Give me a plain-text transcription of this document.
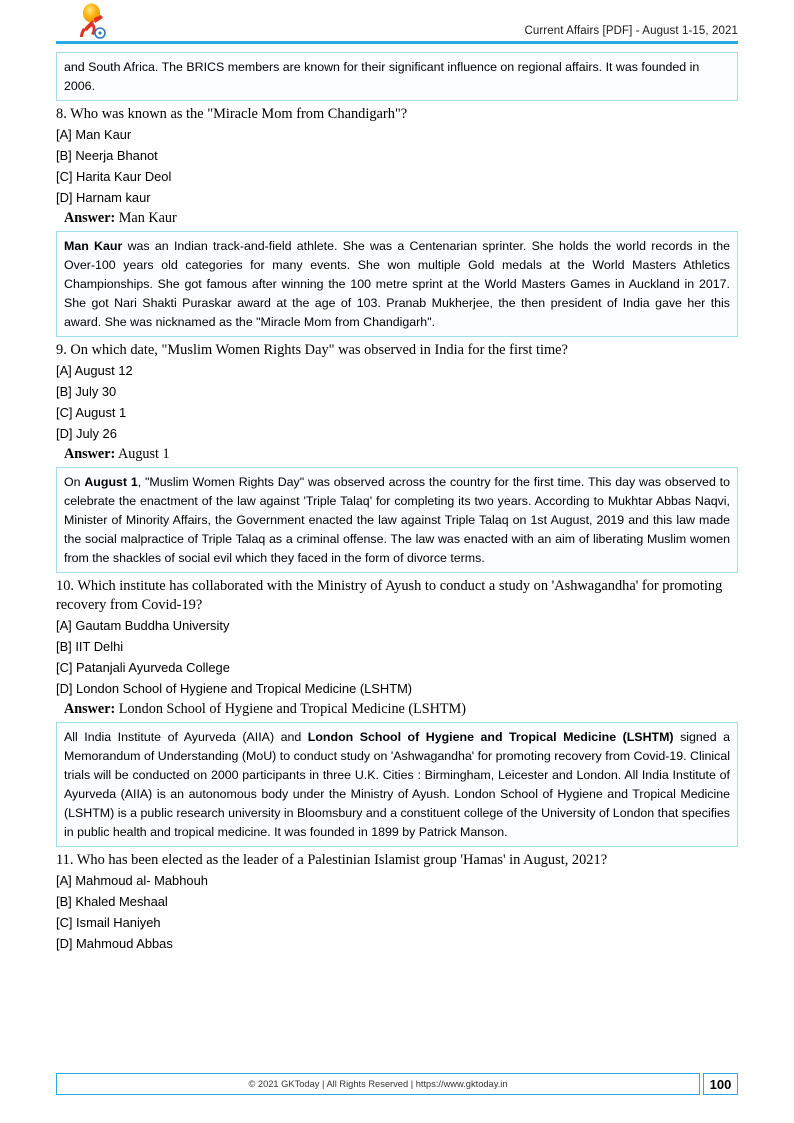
Current Affairs [PDF] - August 1-15, 2021
and South Africa. The BRICS members are known for their significant influence on regional affairs. It was founded in 2006.
8. Who was known as the "Miracle Mom from Chandigarh"?
[A] Man Kaur
[B] Neerja Bhanot
[C] Harita Kaur Deol
[D] Harnam kaur
Answer: Man Kaur
Man Kaur was an Indian track-and-field athlete. She was a Centenarian sprinter. She holds the world records in the Over-100 years old categories for many events. She won multiple Gold medals at the World Masters Athletics Championships. She got famous after winning the 100 metre sprint at the World Masters Games in Auckland in 2017. She got Nari Shakti Puraskar award at the age of 103. Pranab Mukherjee, the then president of India gave her this award. She was nicknamed as the "Miracle Mom from Chandigarh".
9. On which date, "Muslim Women Rights Day" was observed in India for the first time?
[A] August 12
[B] July 30
[C] August 1
[D] July 26
Answer: August 1
On August 1, "Muslim Women Rights Day" was observed across the country for the first time. This day was observed to celebrate the enactment of the law against 'Triple Talaq' for completing its two years. According to Mukhtar Abbas Naqvi, Minister of Minority Affairs, the Government enacted the law against Triple Talaq on 1st August, 2019 and this law made the social malpractice of Triple Talaq as a criminal offense. The law was enacted with an aim of liberating Muslim women from the shackles of social evil which they faced in the form of divorce terms.
10. Which institute has collaborated with the Ministry of Ayush to conduct a study on 'Ashwagandha' for promoting recovery from Covid-19?
[A] Gautam Buddha University
[B] IIT Delhi
[C] Patanjali Ayurveda College
[D] London School of Hygiene and Tropical Medicine (LSHTM)
Answer: London School of Hygiene and Tropical Medicine (LSHTM)
All India Institute of Ayurveda (AIIA) and London School of Hygiene and Tropical Medicine (LSHTM) signed a Memorandum of Understanding (MoU) to conduct study on 'Ashwagandha' for promoting recovery from Covid-19. Clinical trials will be conducted on 2000 participants in three U.K. Cities : Birmingham, Leicester and London. All India Institute of Ayurveda (AIIA) is an autonomous body under the Ministry of Ayush. London School of Hygiene and Tropical Medicine (LSHTM) is a public research university in Bloomsbury and a constituent college of the University of London that specifies in public health and tropical medicine. It was founded in 1899 by Patrick Manson.
11. Who has been elected as the leader of a Palestinian Islamist group 'Hamas' in August, 2021?
[A] Mahmoud al- Mabhouh
[B] Khaled Meshaal
[C] Ismail Haniyeh
[D] Mahmoud Abbas
© 2021 GKToday | All Rights Reserved | https://www.gktoday.in	100
